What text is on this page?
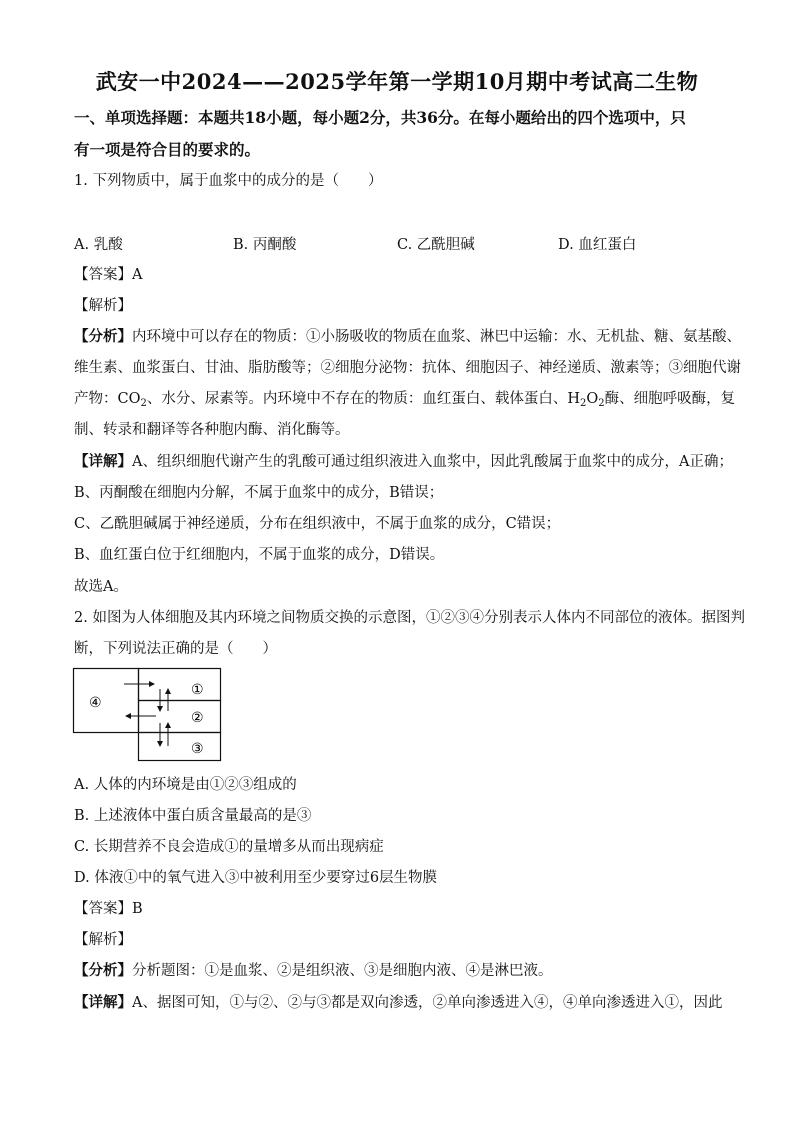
武安一中2024——2025学年第一学期10月期中考试高二生物
一、单项选择题：本题共18小题，每小题2分，共36分。在每小题给出的四个选项中，只
有一项是符合目的要求的。
1. 下列物质中，属于血浆中的成分的是（　　）
A. 乳酸	B. 丙酮酸	C. 乙酰胆碱	D. 血红蛋白
【答案】A
【解析】
【分析】内环境中可以存在的物质：①小肠吸收的物质在血浆、淋巴中运输：水、无机盐、糖、氨基酸、
维生素、血浆蛋白、甘油、脂肪酸等；②细胞分泌物：抗体、细胞因子、神经递质、激素等；③细胞代谢
产物：$CO_2$、水分、尿素等。内环境中不存在的物质：血红蛋白、载体蛋白、$H_2O_2$酶、细胞呼吸酶，复
制、转录和翻译等各种胞内酶、消化酶等。
【详解】A、组织细胞代谢产生的乳酸可通过组织液进入血浆中，因此乳酸属于血浆中的成分，A正确；
B、丙酮酸在细胞内分解，不属于血浆中的成分，B错误；
C、乙酰胆碱属于神经递质，分布在组织液中，不属于血浆的成分，C错误；
B、血红蛋白位于红细胞内，不属于血浆的成分，D错误。
故选A。
2. 如图为人体细胞及其内环境之间物质交换的示意图，①②③④分别表示人体内不同部位的液体。据图判
断，下列说法正确的是（　　）
④
①
②
③
A. 人体的内环境是由①②③组成的
B. 上述液体中蛋白质含量最高的是③
C. 长期营养不良会造成①的量增多从而出现病症
D. 体液①中的氧气进入③中被利用至少要穿过6层生物膜
【答案】B
【解析】
【分析】分析题图：①是血浆、②是组织液、③是细胞内液、④是淋巴液。
【详解】A、据图可知，①与②、②与③都是双向渗透，②单向渗透进入④，④单向渗透进入①，因此
